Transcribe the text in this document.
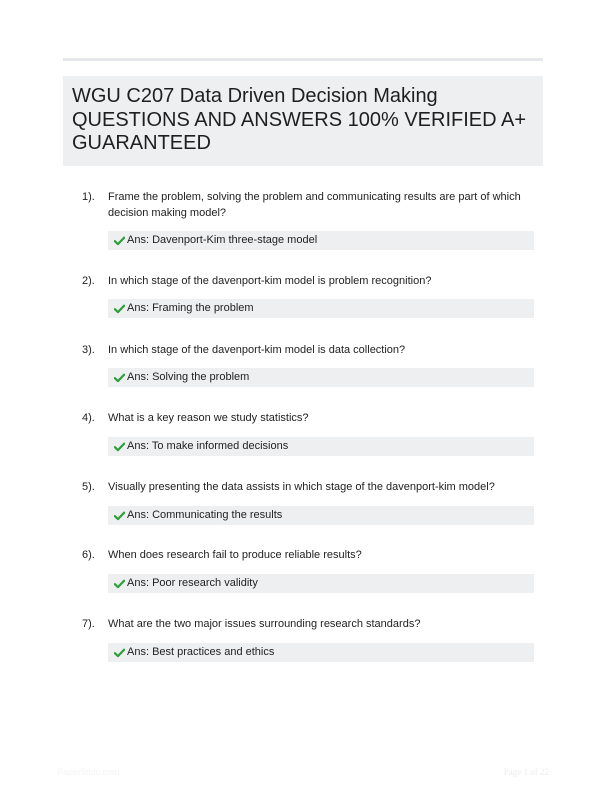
WGU C207 Data Driven Decision Making QUESTIONS AND ANSWERS 100% VERIFIED A+ GUARANTEED
1). Frame the problem, solving the problem and communicating results are part of which decision making model?
Ans: Davenport-Kim three-stage model
2). In which stage of the davenport-kim model is problem recognition?
Ans: Framing the problem
3). In which stage of the davenport-kim model is data collection?
Ans: Solving the problem
4). What is a key reason we study statistics?
Ans: To make informed decisions
5). Visually presenting the data assists in which stage of the davenport-kim model?
Ans: Communicating the results
6). When does research fail to produce reliable results?
Ans: Poor research validity
7). What are the two major issues surrounding research standards?
Ans: Best practices and ethics
Paper5tblc.com	Page 1 of 22
